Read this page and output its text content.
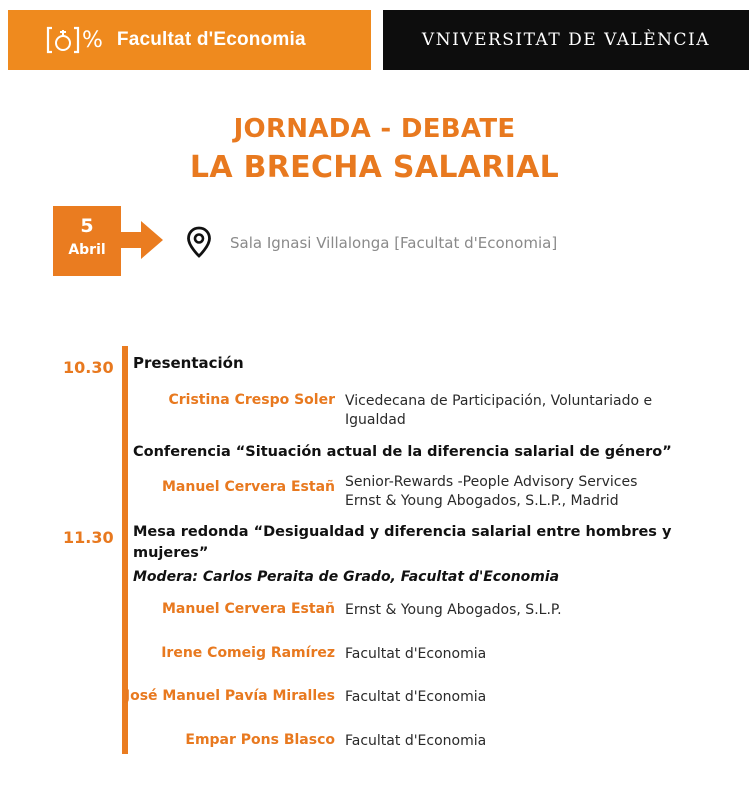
% Facultat d'Economia	VNIVERSITAT DE VALÈNCIA
JORNADA - DEBATE
LA BRECHA SALARIAL
5
Abril	Sala Ignasi Villalonga [Facultat d'Economia]
10.30 Presentación
Cristina Crespo Soler Vicedecana de Participación, Voluntariado e
Igualdad
Conferencia “Situación actual de la diferencia salarial de género”
Manuel Cervera Estañ Senior-Rewards -People Advisory Services
Ernst & Young Abogados, S.L.P., Madrid
11.30 Mesa redonda “Desigualdad y diferencia salarial entre hombres y
mujeres”
Modera: Carlos Peraita de Grado, Facultat d'Economia
Manuel Cervera Estañ Ernst & Young Abogados, S.L.P.
Irene Comeig Ramírez Facultat d'Economia
José Manuel Pavía Miralles Facultat d'Economia
Empar Pons Blasco Facultat d'Economia
